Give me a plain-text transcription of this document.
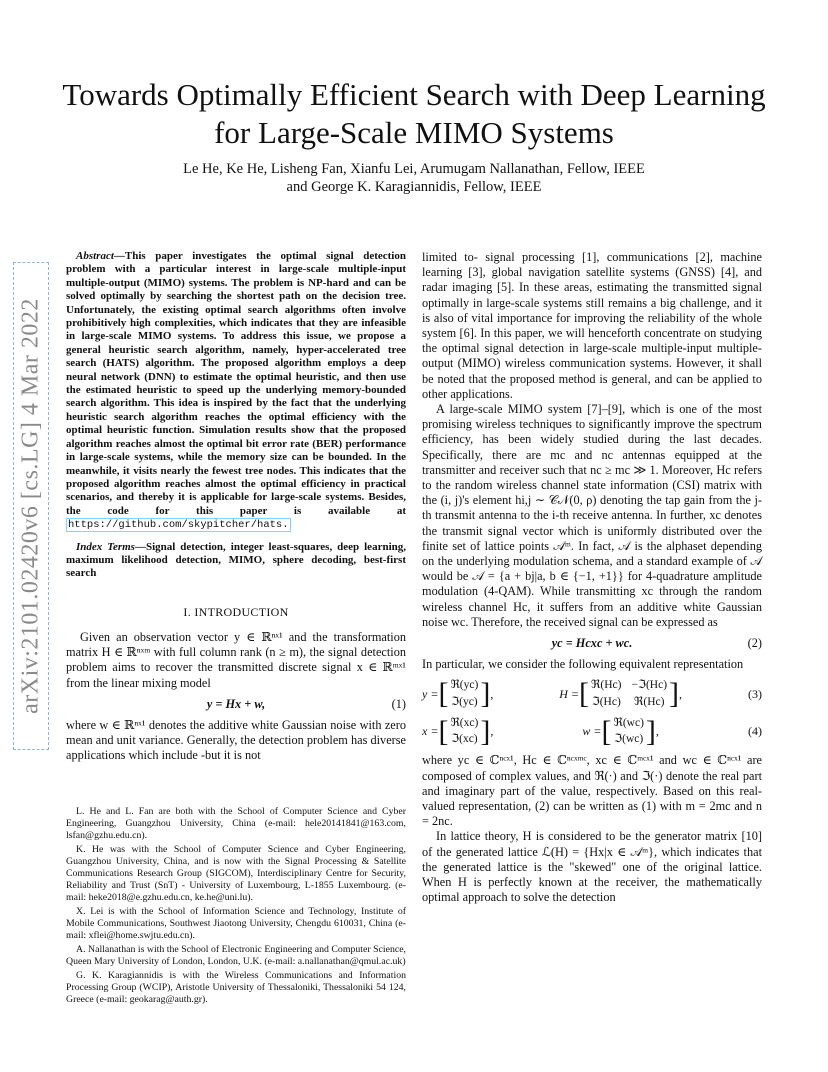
Towards Optimally Efficient Search with Deep Learning for Large-Scale MIMO Systems
Le He, Ke He, Lisheng Fan, Xianfu Lei, Arumugam Nallanathan, Fellow, IEEE
and George K. Karagiannidis, Fellow, IEEE
arXiv:2101.02420v6 [cs.LG] 4 Mar 2022
Abstract—This paper investigates the optimal signal detection problem with a particular interest in large-scale multiple-input multiple-output (MIMO) systems. The problem is NP-hard and can be solved optimally by searching the shortest path on the decision tree. Unfortunately, the existing optimal search algorithms often involve prohibitively high complexities, which indicates that they are infeasible in large-scale MIMO systems. To address this issue, we propose a general heuristic search algorithm, namely, hyper-accelerated tree search (HATS) algorithm. The proposed algorithm employs a deep neural network (DNN) to estimate the optimal heuristic, and then use the estimated heuristic to speed up the underlying memory-bounded search algorithm. This idea is inspired by the fact that the underlying heuristic search algorithm reaches the optimal efficiency with the optimal heuristic function. Simulation results show that the proposed algorithm reaches almost the optimal bit error rate (BER) performance in large-scale systems, while the memory size can be bounded. In the meanwhile, it visits nearly the fewest tree nodes. This indicates that the proposed algorithm reaches almost the optimal efficiency in practical scenarios, and thereby it is applicable for large-scale systems. Besides, the code for this paper is available at https://github.com/skypitcher/hats.
Index Terms—Signal detection, integer least-squares, deep learning, maximum likelihood detection, MIMO, sphere decoding, best-first search
I. INTRODUCTION

Given an observation vector y ∈ ℝⁿˣ¹ and the transformation matrix H ∈ ℝⁿˣᵐ with full column rank (n ≥ m), the signal detection problem aims to recover the transmitted discrete signal x ∈ ℝᵐˣ¹ from the linear mixing model

y = Hx + w,	(1)

where w ∈ ℝⁿˣ¹ denotes the additive white Gaussian noise with zero mean and unit variance. Generally, the detection problem has diverse applications which include -but it is not

L. He and L. Fan are both with the School of Computer Science and Cyber Engineering, Guangzhou University, China (e-mail: hele20141841@163.com, lsfan@gzhu.edu.cn).
K. He was with the School of Computer Science and Cyber Engineering, Guangzhou University, China, and is now with the Signal Processing & Satellite Communications Research Group (SIGCOM), Interdisciplinary Centre for Security, Reliability and Trust (SnT) - University of Luxembourg, L-1855 Luxembourg. (e-mail: heke2018@e.gzhu.edu.cn, ke.he@uni.lu).
X. Lei is with the School of Information Science and Technology, Institute of Mobile Communications, Southwest Jiaotong University, Chengdu 610031, China (e-mail: xflei@home.swjtu.edu.cn).
A. Nallanathan is with the School of Electronic Engineering and Computer Science, Queen Mary University of London, London, U.K. (e-mail: a.nallanathan@qmul.ac.uk)
G. K. Karagiannidis is with the Wireless Communications and Information Processing Group (WCIP), Aristotle University of Thessaloniki, Thessaloniki 54 124, Greece (e-mail: geokarag@auth.gr).

limited to- signal processing [1], communications [2], machine learning [3], global navigation satellite systems (GNSS) [4], and radar imaging [5]. In these areas, estimating the transmitted signal optimally in large-scale systems still remains a big challenge, and it is also of vital importance for improving the reliability of the whole system [6]. In this paper, we will henceforth concentrate on studying the optimal signal detection in large-scale multiple-input multiple-output (MIMO) wireless communication systems. However, it shall be noted that the proposed method is general, and can be applied to other applications.

A large-scale MIMO system [7]–[9], which is one of the most promising wireless techniques to significantly improve the spectrum efficiency, has been widely studied during the last decades. Specifically, there are mc and nc antennas equipped at the transmitter and receiver such that nc ≥ mc ≫ 1. Moreover, Hc refers to the random wireless channel state information (CSI) matrix with the (i, j)'s element hi,j ∼ 𝒞𝒩(0, ρ) denoting the tap gain from the j-th transmit antenna to the i-th receive antenna. In further, xc denotes the transmit signal vector which is uniformly distributed over the finite set of lattice points 𝒜ᵐ. In fact, 𝒜 is the alphaset depending on the underlying modulation schema, and a standard example of 𝒜 would be 𝒜 = {a + bj|a, b ∈ {−1, +1}} for 4-quadrature amplitude modulation (4-QAM). While transmitting xc through the random wireless channel Hc, it suffers from an additive white Gaussian noise wc. Therefore, the received signal can be expressed as

yc = Hcxc + wc.	(2)

In particular, we consider the following equivalent representation

y = [ ℜ(yc)
ℑ(yc) ] ,	H = [ ℜ(Hc) −ℑ(Hc)
ℑ(Hc) ℜ(Hc) ] ,	(3)
x = [ ℜ(xc)
ℑ(xc) ] ,	w = [ ℜ(wc)
ℑ(wc) ] ,	(4)

where yc ∈ ℂⁿᶜˣ¹, Hc ∈ ℂⁿᶜˣᵐᶜ, xc ∈ ℂᵐᶜˣ¹ and wc ∈ ℂⁿᶜˣ¹ are composed of complex values, and ℜ(·) and ℑ(·) denote the real part and imaginary part of the value, respectively. Based on this real-valued representation, (2) can be written as (1) with m = 2mc and n = 2nc.

In lattice theory, H is considered to be the generator matrix [10] of the generated lattice ℒ(H) = {Hx|x ∈ 𝒜ᵐ}, which indicates that the generated lattice is the "skewed" one of the original lattice. When H is perfectly known at the receiver, the mathematically optimal approach to solve the detection
